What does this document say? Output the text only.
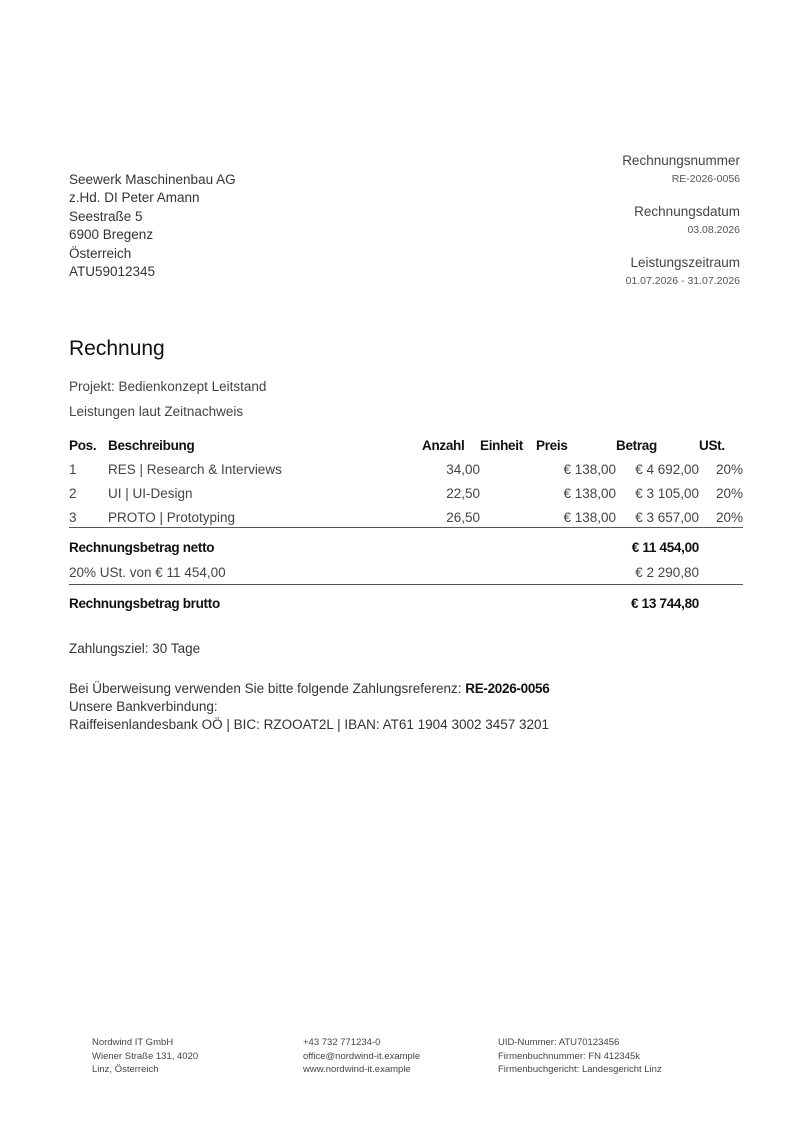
Seewerk Maschinenbau AG
z.Hd. DI Peter Amann
Seestraße 5
6900 Bregenz
Österreich
ATU59012345
Rechnungsnummer
RE-2026-0056
Rechnungsdatum
03.08.2026
Leistungszeitraum
01.07.2026 - 31.07.2026
Rechnung
Projekt: Bedienkonzept Leitstand
Leistungen laut Zeitnachweis
Pos.	Beschreibung	Anzahl	Einheit	Preis	Betrag	USt.
1	RES | Research & Interviews	34,00		€ 138,00	€ 4 692,00	20%
2	UI | UI-Design	22,50		€ 138,00	€ 3 105,00	20%
3	PROTO | Prototyping	26,50		€ 138,00	€ 3 657,00	20%
Rechnungsbetrag netto	€ 11 454,00
20% USt. von € 11 454,00	€ 2 290,80
Rechnungsbetrag brutto	€ 13 744,80
Zahlungsziel: 30 Tage
Bei Überweisung verwenden Sie bitte folgende Zahlungsreferenz: RE-2026-0056
Unsere Bankverbindung:
Raiffeisenlandesbank OÖ | BIC: RZOOAT2L | IBAN: AT61 1904 3002 3457 3201
Nordwind IT GmbH
Wiener Straße 131, 4020
Linz, Österreich
+43 732 771234-0
office@nordwind-it.example
www.nordwind-it.example
UID-Nummer: ATU70123456
Firmenbuchnummer: FN 412345k
Firmenbuchgericht: Landesgericht Linz
